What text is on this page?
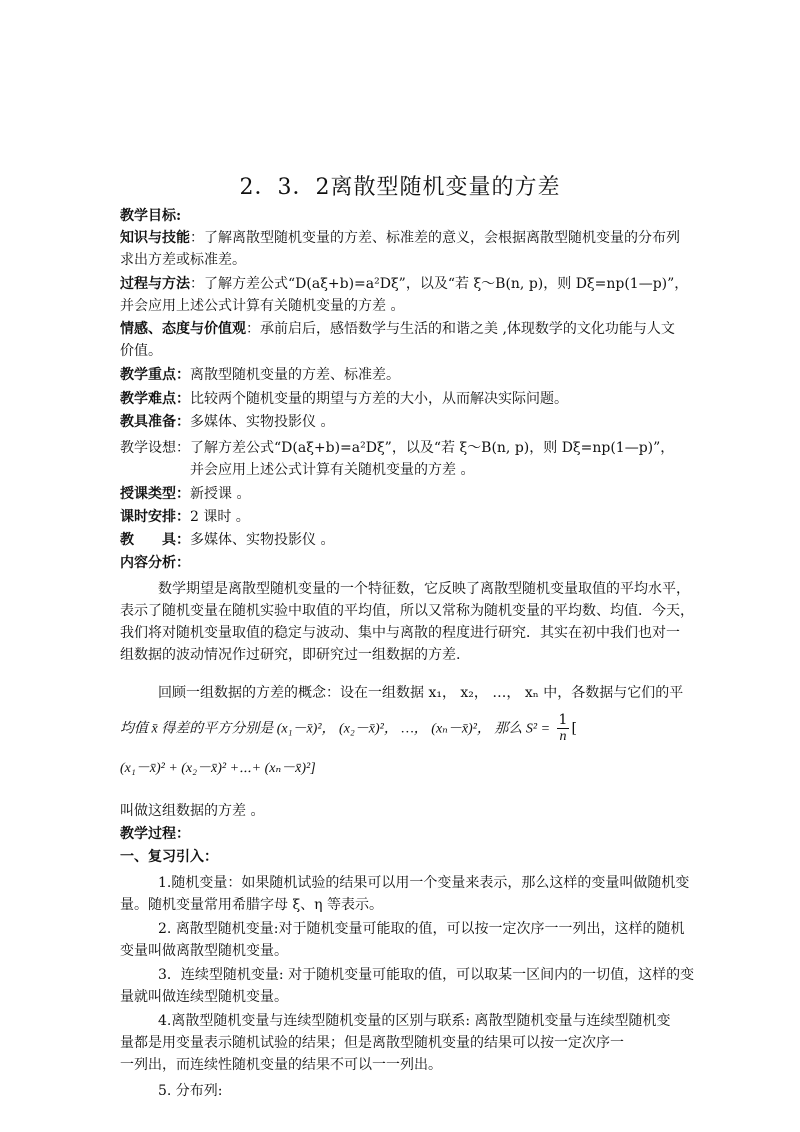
2．3．2离散型随机变量的方差
教学目标:
知识与技能：了解离散型随机变量的方差、标准差的意义，会根据离散型随机变量的分布列
求出方差或标准差。
过程与方法：了解方差公式“D(aξ+b)=a²Dξ”，以及“若 ξ～B(n, p)，则 Dξ=np(1—p)”，
并会应用上述公式计算有关随机变量的方差 。
情感、态度与价值观：承前启后，感悟数学与生活的和谐之美 ,体现数学的文化功能与人文
价值。
教学重点：离散型随机变量的方差、标准差。
教学难点：比较两个随机变量的期望与方差的大小，从而解决实际问题。
教具准备：多媒体、实物投影仪 。
教学设想：了解方差公式“D(aξ+b)=a²Dξ”，以及“若 ξ～B(n, p)，则 Dξ=np(1—p)”，
并会应用上述公式计算有关随机变量的方差 。
授课类型：新授课 。
课时安排：2 课时 。
教　　具：多媒体、实物投影仪 。
内容分析：
数学期望是离散型随机变量的一个特征数，它反映了离散型随机变量取值的平均水平，
表示了随机变量在随机实验中取值的平均值，所以又常称为随机变量的平均数、均值．今天，
我们将对随机变量取值的稳定与波动、集中与离散的程度进行研究．其实在初中我们也对一
组数据的波动情况作过研究，即研究过一组数据的方差.
回顾一组数据的方差的概念：设在一组数据 x₁， x₂， …， xₙ 中，各数据与它们的平
均值 x̄ 得差的平方分别是 (x₁－x̄)²， (x₂－x̄)²， …， (xₙ－x̄)²， 那么 $S^2 = \frac{1}{n}$ [
(x₁－x̄)² + (x₂－x̄)² +⋯+ (xₙ－x̄)²]
叫做这组数据的方差 。
教学过程：
一、复习引入：
1.随机变量：如果随机试验的结果可以用一个变量来表示，那么这样的变量叫做随机变
量。随机变量常用希腊字母 ξ、η 等表示。
2. 离散型随机变量:对于随机变量可能取的值，可以按一定次序一一列出，这样的随机
变量叫做离散型随机变量。
3．连续型随机变量: 对于随机变量可能取的值，可以取某一区间内的一切值，这样的变
量就叫做连续型随机变量。
4.离散型随机变量与连续型随机变量的区别与联系: 离散型随机变量与连续型随机变
量都是用变量表示随机试验的结果；但是离散型随机变量的结果可以按一定次序一
一列出，而连续性随机变量的结果不可以一一列出。
5. 分布列:
